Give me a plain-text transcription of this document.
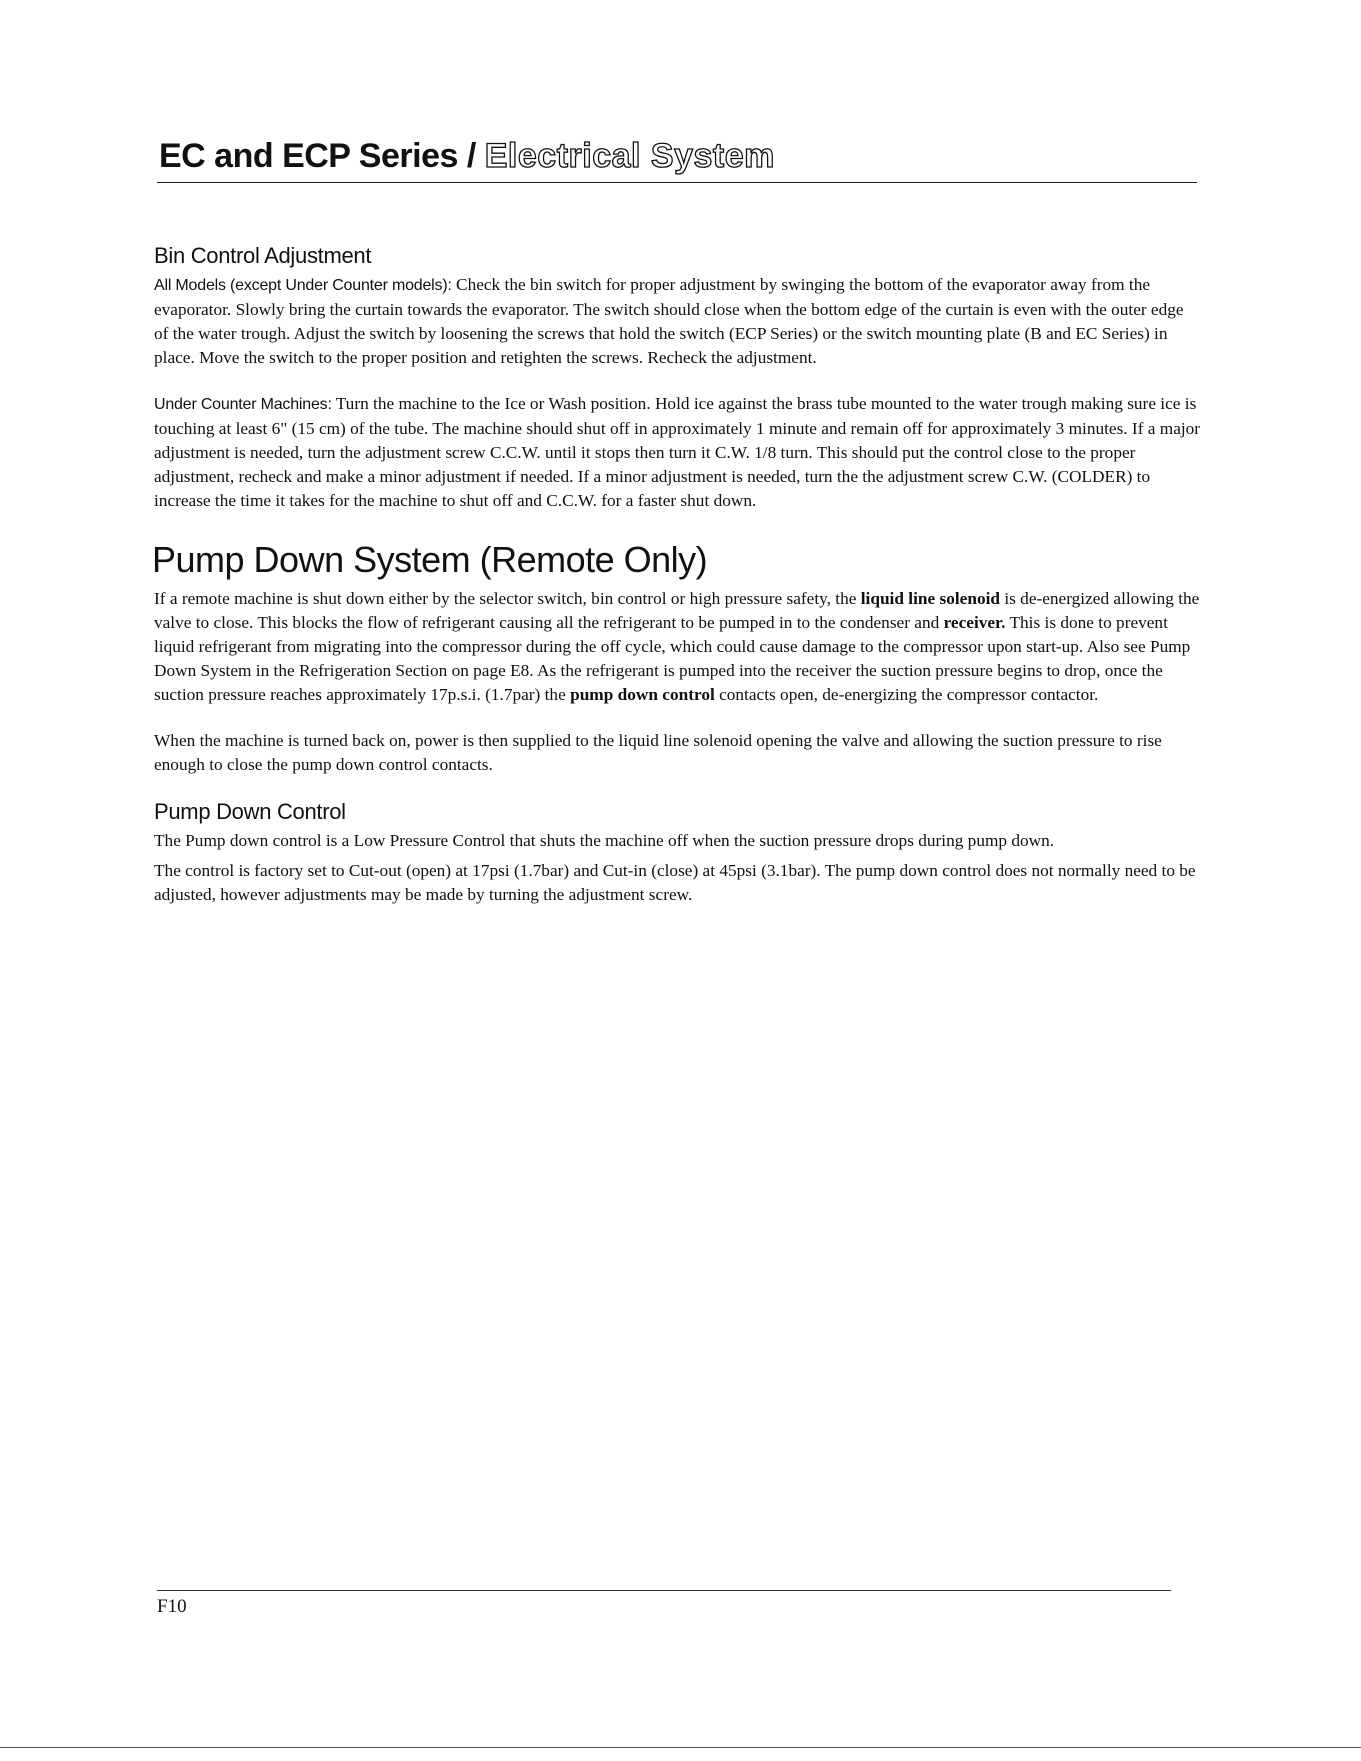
EC and ECP Series / Electrical System
Bin Control Adjustment

All Models (except Under Counter models): Check the bin switch for proper adjustment by swinging the bottom of the evaporator away from the evaporator. Slowly bring the curtain towards the evaporator. The switch should close when the bottom edge of the curtain is even with the outer edge of the water trough. Adjust the switch by loosening the screws that hold the switch (ECP Series) or the switch mounting plate (B and EC Series) in place. Move the switch to the proper position and retighten the screws. Recheck the adjustment.

Under Counter Machines: Turn the machine to the Ice or Wash position. Hold ice against the brass tube mounted to the water trough making sure ice is touching at least 6" (15 cm) of the tube. The machine should shut off in approximately 1 minute and remain off for approximately 3 minutes. If a major adjustment is needed, turn the adjustment screw C.C.W. until it stops then turn it C.W. 1/8 turn. This should put the control close to the proper adjustment, recheck and make a minor adjustment if needed. If a minor adjustment is needed, turn the the adjustment screw C.W. (COLDER) to increase the time it takes for the machine to shut off and C.C.W. for a faster shut down.

Pump Down System (Remote Only)

If a remote machine is shut down either by the selector switch, bin control or high pressure safety, the liquid line solenoid is de-energized allowing the valve to close. This blocks the flow of refrigerant causing all the refrigerant to be pumped in to the condenser and receiver. This is done to prevent liquid refrigerant from migrating into the compressor during the off cycle, which could cause damage to the compressor upon start-up. Also see Pump Down System in the Refrigeration Section on page E8. As the refrigerant is pumped into the receiver the suction pressure begins to drop, once the suction pressure reaches approximately 17p.s.i. (1.7par) the pump down control contacts open, de-energizing the compressor contactor.

When the machine is turned back on, power is then supplied to the liquid line solenoid opening the valve and allowing the suction pressure to rise enough to close the pump down control contacts.

Pump Down Control

The Pump down control is a Low Pressure Control that shuts the machine off when the suction pressure drops during pump down.

The control is factory set to Cut-out (open) at 17psi (1.7bar) and Cut-in (close) at 45psi (3.1bar). The pump down control does not normally need to be adjusted, however adjustments may be made by turning the adjustment screw.

F10
